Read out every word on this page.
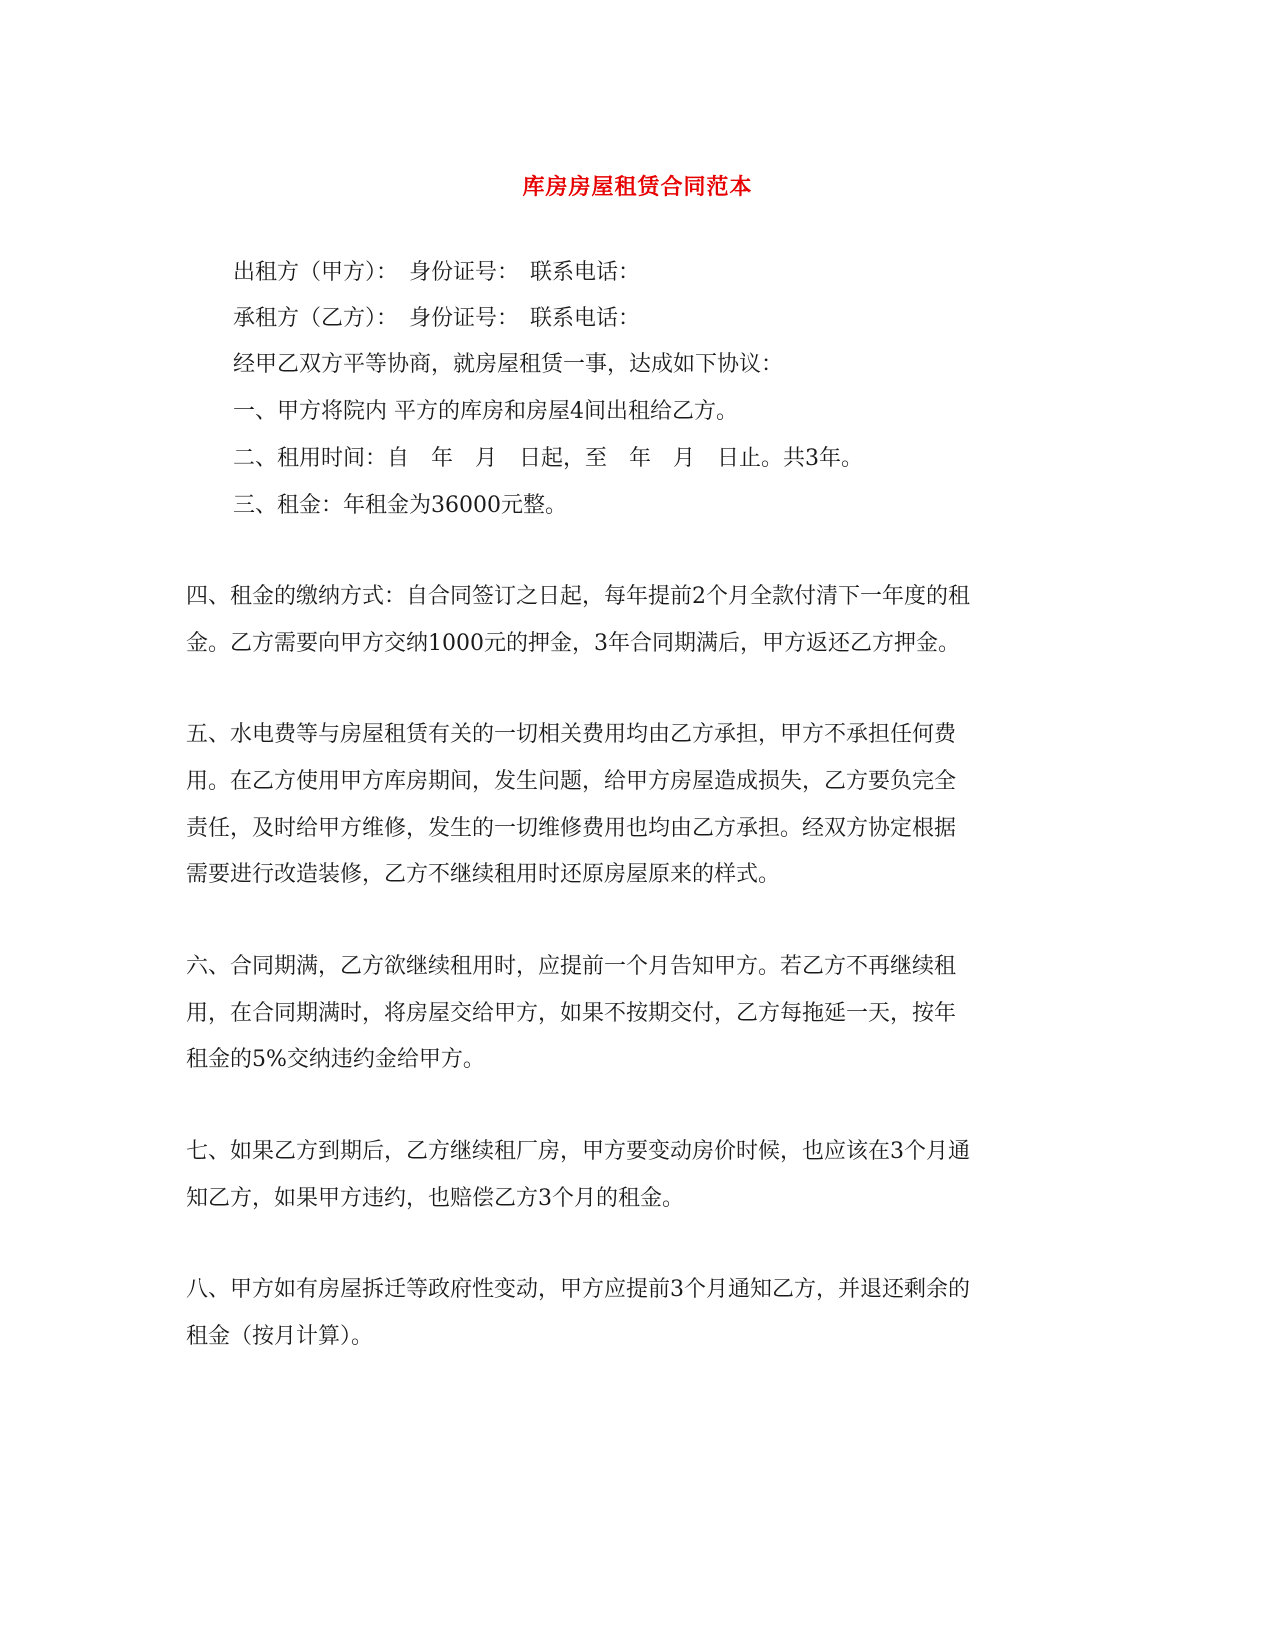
库房房屋租赁合同范本
出租方（甲方）：　身份证号：　联系电话：
承租方（乙方）：　身份证号：　联系电话：
经甲乙双方平等协商，就房屋租赁一事，达成如下协议：
一、甲方将院内 平方的库房和房屋4间出租给乙方。
二、租用时间：自　年　月　日起，至　年　月　日止。共3年。
三、租金：年租金为36000元整。
四、租金的缴纳方式：自合同签订之日起，每年提前2个月全款付清下一年度的租
金。乙方需要向甲方交纳1000元的押金，3年合同期满后，甲方返还乙方押金。
五、水电费等与房屋租赁有关的一切相关费用均由乙方承担，甲方不承担任何费
用。在乙方使用甲方库房期间，发生问题，给甲方房屋造成损失，乙方要负完全
责任，及时给甲方维修，发生的一切维修费用也均由乙方承担。经双方协定根据
需要进行改造装修，乙方不继续租用时还原房屋原来的样式。
六、合同期满，乙方欲继续租用时，应提前一个月告知甲方。若乙方不再继续租
用，在合同期满时，将房屋交给甲方，如果不按期交付，乙方每拖延一天，按年
租金的5%交纳违约金给甲方。
七、如果乙方到期后，乙方继续租厂房，甲方要变动房价时候，也应该在3个月通
知乙方，如果甲方违约，也赔偿乙方3个月的租金。
八、甲方如有房屋拆迁等政府性变动，甲方应提前3个月通知乙方，并退还剩余的
租金（按月计算）。
